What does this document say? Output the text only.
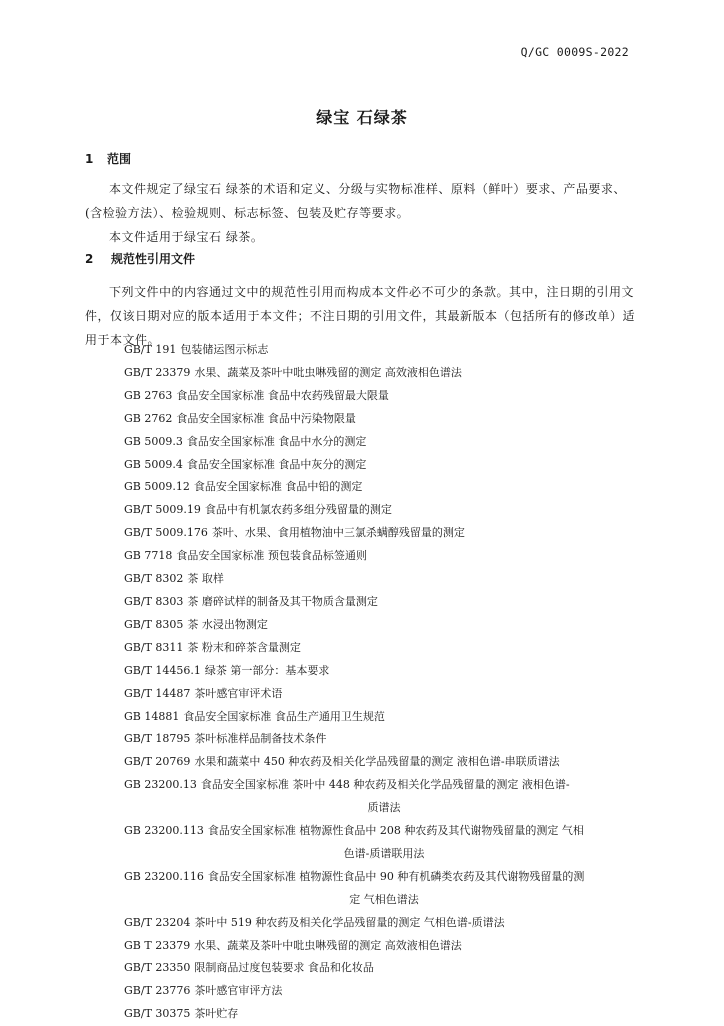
Q/GC 0009S-2022
绿宝 石绿茶
1 范围
本文件规定了绿宝石 绿茶的术语和定义、分级与实物标准样、原料（鲜叶）要求、产品要求、(含检验方法）、检验规则、标志标签、包装及贮存等要求。
本文件适用于绿宝石 绿茶。
2 规范性引用文件
下列文件中的内容通过文中的规范性引用而构成本文件必不可少的条款。其中，注日期的引用文件，仅该日期对应的版本适用于本文件；不注日期的引用文件，其最新版本（包括所有的修改单）适用于本文件。
GB/T 191 包装储运图示标志
GB/T 23379 水果、蔬菜及茶叶中吡虫啉残留的测定 高效液相色谱法
GB 2763 食品安全国家标准 食品中农药残留最大限量
GB 2762 食品安全国家标准 食品中污染物限量
GB 5009.3 食品安全国家标准 食品中水分的测定
GB 5009.4 食品安全国家标准 食品中灰分的测定
GB 5009.12 食品安全国家标准 食品中铅的测定
GB/T 5009.19 食品中有机氯农药多组分残留量的测定
GB/T 5009.176 茶叶、水果、食用植物油中三氯杀螨醇残留量的测定
GB 7718 食品安全国家标准 预包装食品标签通则
GB/T 8302 茶 取样
GB/T 8303 茶 磨碎试样的制备及其干物质含量测定
GB/T 8305 茶 水浸出物测定
GB/T 8311 茶 粉末和碎茶含量测定
GB/T 14456.1 绿茶 第一部分：基本要求
GB/T 14487 茶叶感官审评术语
GB 14881 食品安全国家标准 食品生产通用卫生规范
GB/T 18795 茶叶标准样品制备技术条件
GB/T 20769 水果和蔬菜中 450 种农药及相关化学品残留量的测定 液相色谱-串联质谱法
GB 23200.13 食品安全国家标准 茶叶中 448 种农药及相关化学品残留量的测定 液相色谱-
质谱法
GB 23200.113 食品安全国家标准 植物源性食品中 208 种农药及其代谢物残留量的测定 气相
色谱-质谱联用法
GB 23200.116 食品安全国家标准 植物源性食品中 90 种有机磷类农药及其代谢物残留量的测
定 气相色谱法
GB/T 23204 茶叶中 519 种农药及相关化学品残留量的测定 气相色谱-质谱法
GB T 23379 水果、蔬菜及茶叶中吡虫啉残留的测定 高效液相色谱法
GB/T 23350 限制商品过度包装要求 食品和化妆品
GB/T 23776 茶叶感官审评方法
GB/T 30375 茶叶贮存
